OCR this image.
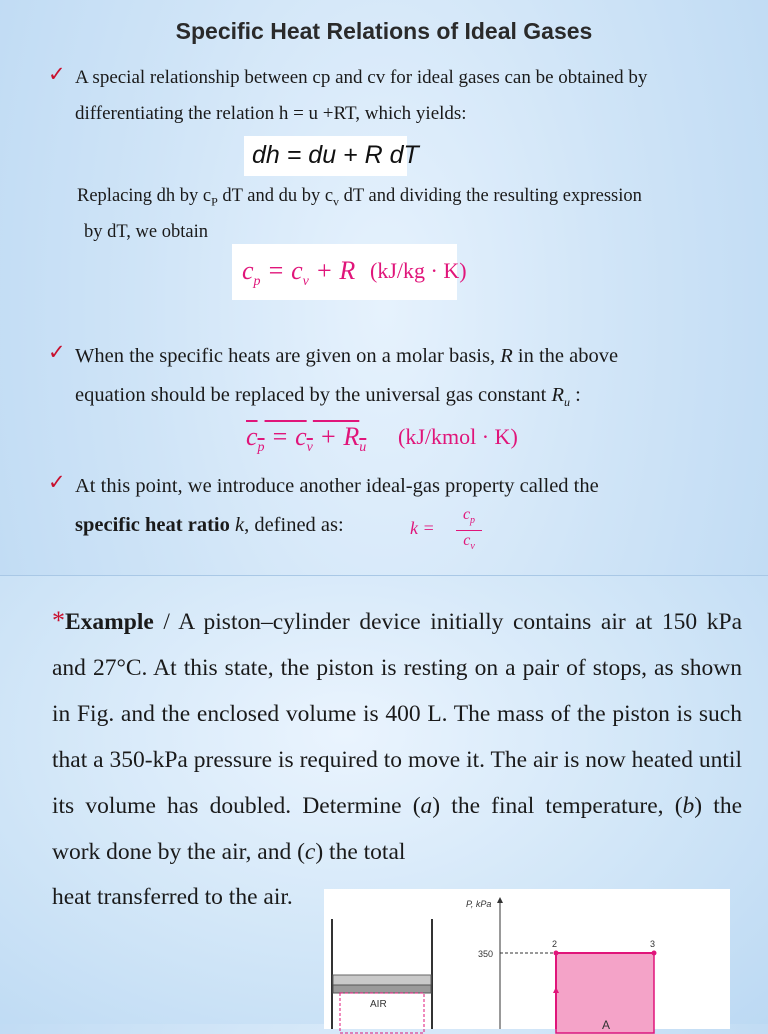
Specific Heat Relations of Ideal Gases
✓ A special relationship between cp and cv for ideal gases can be obtained by
differentiating the relation h = u +RT, which yields:
dh = du + R dT
Replacing dh by $c_P$ dT and du by $c_v$ dT and dividing the resulting expression
by dT, we obtain
$c_p = c_v + R$ (kJ/kg · K)
✓ When the specific heats are given on a molar basis, R in the above
equation should be replaced by the universal gas constant $R_u$ :
$c_p = c_v + R_u$ (kJ/kmol · K)
✓ At this point, we introduce another ideal-gas property called the
specific heat ratio k, defined as:	k =
$c_p$
$c_v$
*Example / A piston–cylinder device initially contains air at 150 kPa and 27°C. At this state, the piston is resting on a pair of stops, as shown in Fig. and the enclosed volume is 400 L. The mass of the piston is such that a 350-kPa pressure is required to move it. The air is now heated until its volume has doubled. Determine (a) the final temperature, (b) the work done by the air, and (c) the total
heat transferred to the air.
AIR
P, kPa
350
2	3
A
